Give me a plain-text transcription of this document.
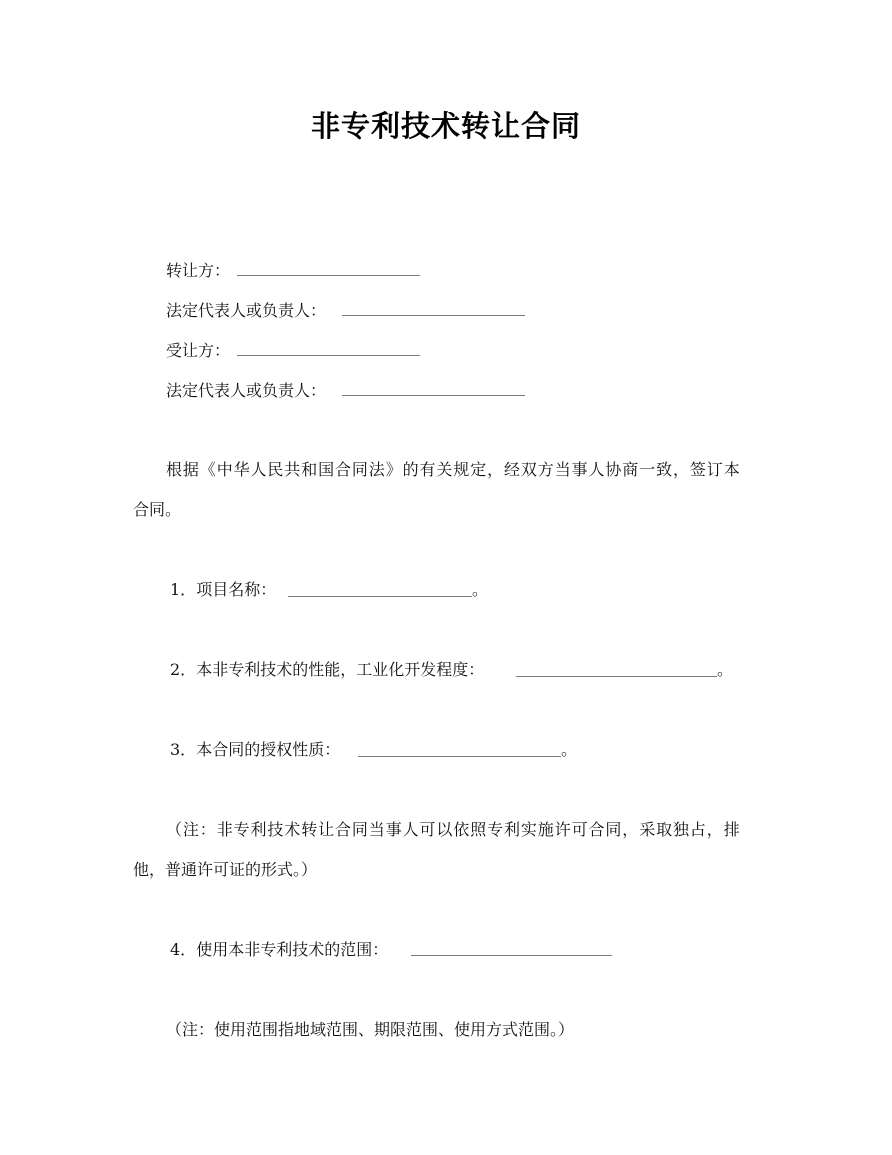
非专利技术转让合同
转让方：
法定代表人或负责人：
受让方：
法定代表人或负责人：
根据《中华人民共和国合同法》的有关规定，经双方当事人协商一致，签订本
合同。
1．项目名称：	。
2．本非专利技术的性能，工业化开发程度：	。
3．本合同的授权性质：	。
（注：非专利技术转让合同当事人可以依照专利实施许可合同，采取独占，排
他，普通许可证的形式。）
4．使用本非专利技术的范围：
（注：使用范围指地域范围、期限范围、使用方式范围。）
